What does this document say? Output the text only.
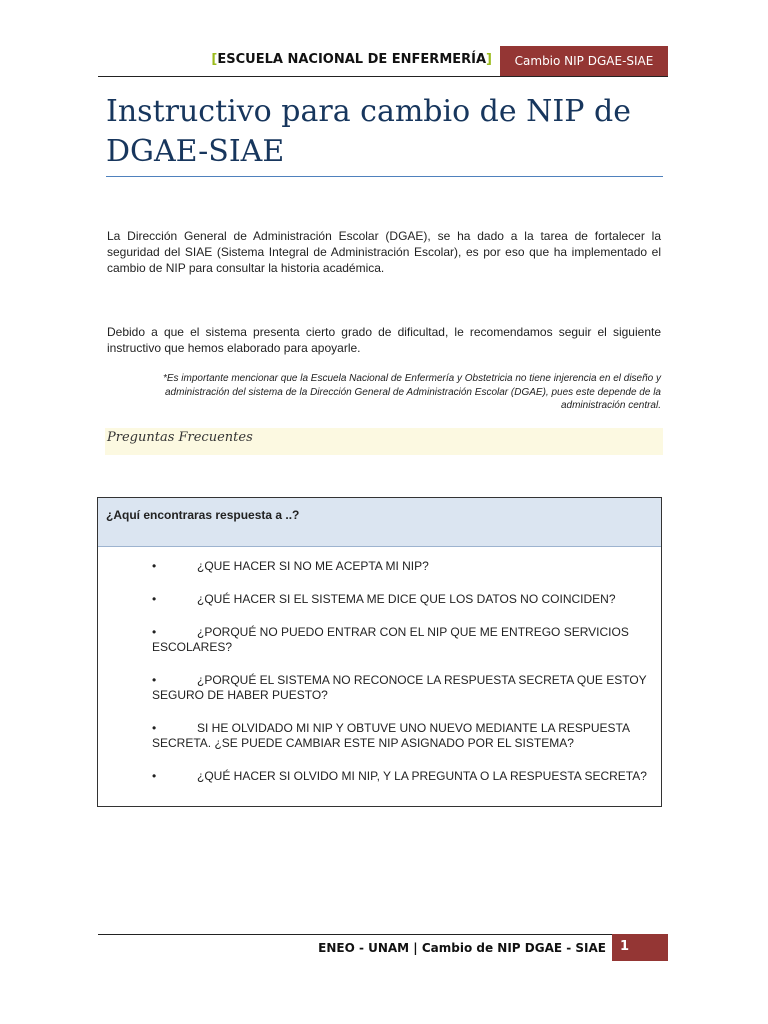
[ESCUELA NACIONAL DE ENFERMERÍA]	Cambio NIP DGAE-SIAE
Instructivo para cambio de NIP de DGAE-SIAE

La Dirección General de Administración Escolar (DGAE), se ha dado a la tarea de fortalecer la seguridad del SIAE (Sistema Integral de Administración Escolar), es por eso que ha implementado el cambio de NIP para consultar la historia académica.

Debido a que el sistema presenta cierto grado de dificultad, le recomendamos seguir el siguiente instructivo que hemos elaborado para apoyarle.

*Es importante mencionar que la Escuela Nacional de Enfermería y Obstetricia no tiene injerencia en el diseño y administración del sistema de la Dirección General de Administración Escolar (DGAE), pues este depende de la administración central.

Preguntas Frecuentes
¿Aquí encontraras respuesta a ..?
•	¿QUE HACER SI NO ME ACEPTA MI NIP?
•	¿QUÉ HACER SI EL SISTEMA ME DICE QUE LOS DATOS NO COINCIDEN?
•	¿PORQUÉ NO PUEDO ENTRAR CON EL NIP QUE ME ENTREGO SERVICIOS ESCOLARES?
•	¿PORQUÉ EL SISTEMA NO RECONOCE LA RESPUESTA SECRETA QUE ESTOY SEGURO DE HABER PUESTO?
•	SI HE OLVIDADO MI NIP Y OBTUVE UNO NUEVO MEDIANTE LA RESPUESTA SECRETA. ¿SE PUEDE CAMBIAR ESTE NIP ASIGNADO POR EL SISTEMA?
•	¿QUÉ HACER SI OLVIDO MI NIP, Y LA PREGUNTA O LA RESPUESTA SECRETA?
ENEO - UNAM | Cambio de NIP DGAE - SIAE	1
